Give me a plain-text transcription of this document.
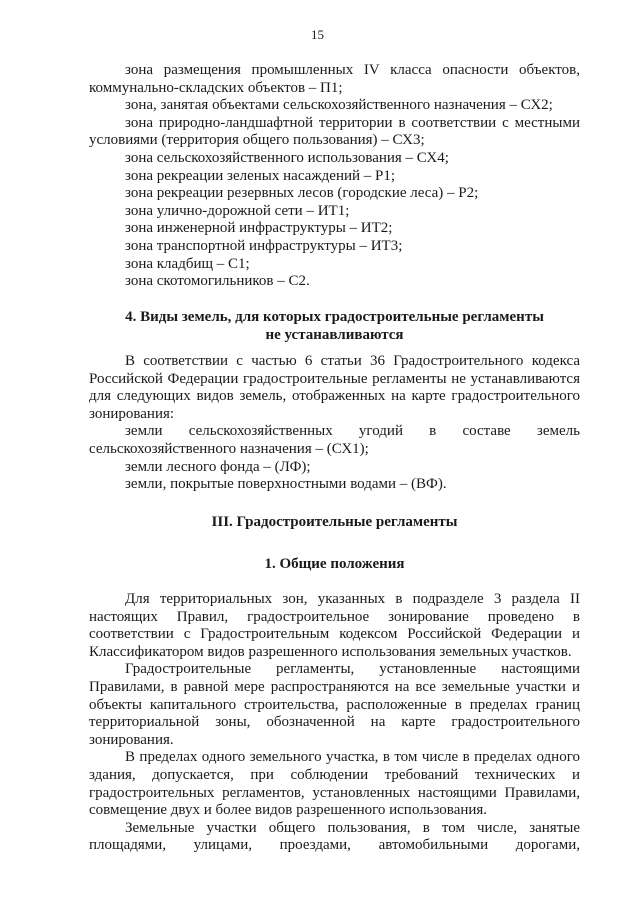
15

зона размещения промышленных IV класса опасности объектов,

коммунально-складских объектов – П1;

зона, занятая объектами сельскохозяйственного назначения – СХ2;

зона природно-ландшафтной территории в соответствии с местными

условиями (территория общего пользования) – СХ3;

зона сельскохозяйственного использования – СХ4;

зона рекреации зеленых насаждений – Р1;

зона рекреации резервных лесов (городские леса) – Р2;

зона улично-дорожной сети – ИТ1;

зона инженерной инфраструктуры – ИТ2;

зона транспортной инфраструктуры – ИТ3;

зона кладбищ – С1;

зона скотомогильников – С2.

4. Виды земель, для которых градостроительные регламенты
не устанавливаются

В соответствии с частью 6 статьи 36 Градостроительного кодекса Российской Федерации градостроительные регламенты не устанавливаются для следующих видов земель, отображенных на карте градостроительного зонирования:

земли сельскохозяйственных угодий в составе земель сельскохозяйственного назначения – (СХ1);

земли лесного фонда – (ЛФ);

земли, покрытые поверхностными водами – (ВФ).

III. Градостроительные регламенты
1. Общие положения

Для территориальных зон, указанных в подразделе 3 раздела II настоящих Правил, градостроительное зонирование проведено в соответствии с Градостроительным кодексом Российской Федерации и Классификатором видов разрешенного использования земельных участков.

Градостроительные регламенты, установленные настоящими Правилами, в равной мере распространяются на все земельные участки и объекты капитального строительства, расположенные в пределах границ территориальной зоны, обозначенной на карте градостроительного зонирования.

В пределах одного земельного участка, в том числе в пределах одного здания, допускается, при соблюдении требований технических и градостроительных регламентов, установленных настоящими Правилами, совмещение двух и более видов разрешенного использования.

Земельные участки общего пользования, в том числе, занятые площадями, улицами, проездами, автомобильными дорогами,
